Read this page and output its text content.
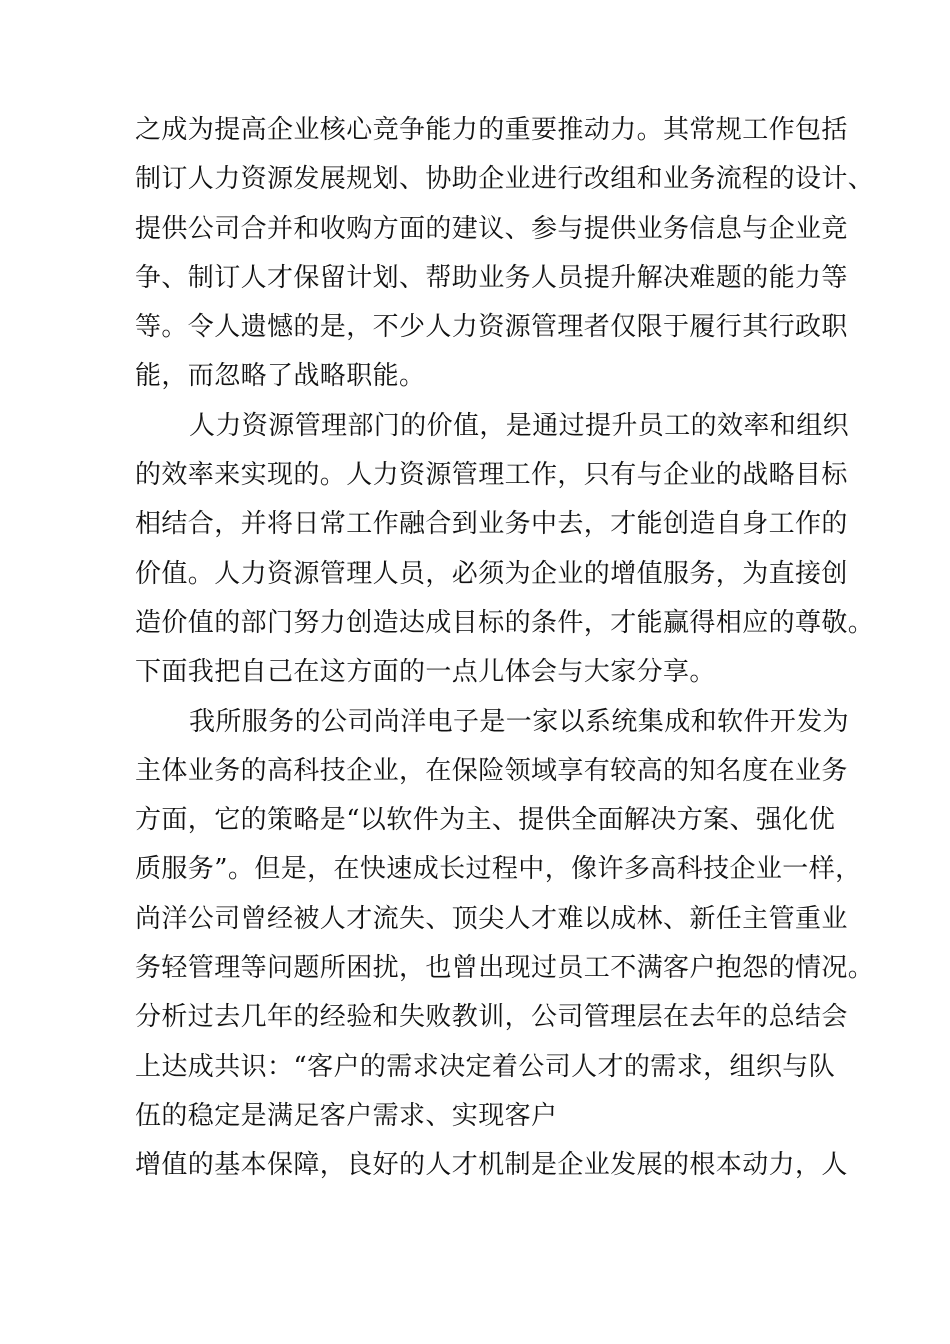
之成为提高企业核心竞争能力的重要推动力。其常规工作包括
制订人力资源发展规划、协助企业进行改组和业务流程的设计、
提供公司合并和收购方面的建议、参与提供业务信息与企业竞
争、制订人才保留计划、帮助业务人员提升解决难题的能力等
等。令人遗憾的是，不少人力资源管理者仅限于履行其行政职
能，而忽略了战略职能。
人力资源管理部门的价值，是通过提升员工的效率和组织
的效率来实现的。人力资源管理工作，只有与企业的战略目标
相结合，并将日常工作融合到业务中去，才能创造自身工作的
价值。人力资源管理人员，必须为企业的增值服务，为直接创
造价值的部门努力创造达成目标的条件，才能赢得相应的尊敬。
下面我把自己在这方面的一点儿体会与大家分享。
我所服务的公司尚洋电子是一家以系统集成和软件开发为
主体业务的高科技企业，在保险领域享有较高的知名度在业务
方面，它的策略是“以软件为主、提供全面解决方案、强化优
质服务”。但是，在快速成长过程中，像许多高科技企业一样，
尚洋公司曾经被人才流失、顶尖人才难以成林、新任主管重业
务轻管理等问题所困扰，也曾出现过员工不满客户抱怨的情况。
分析过去几年的经验和失败教训，公司管理层在去年的总结会
上达成共识：“客户的需求决定着公司人才的需求，组织与队
伍的稳定是满足客户需求、实现客户
增值的基本保障，良好的人才机制是企业发展的根本动力，人
